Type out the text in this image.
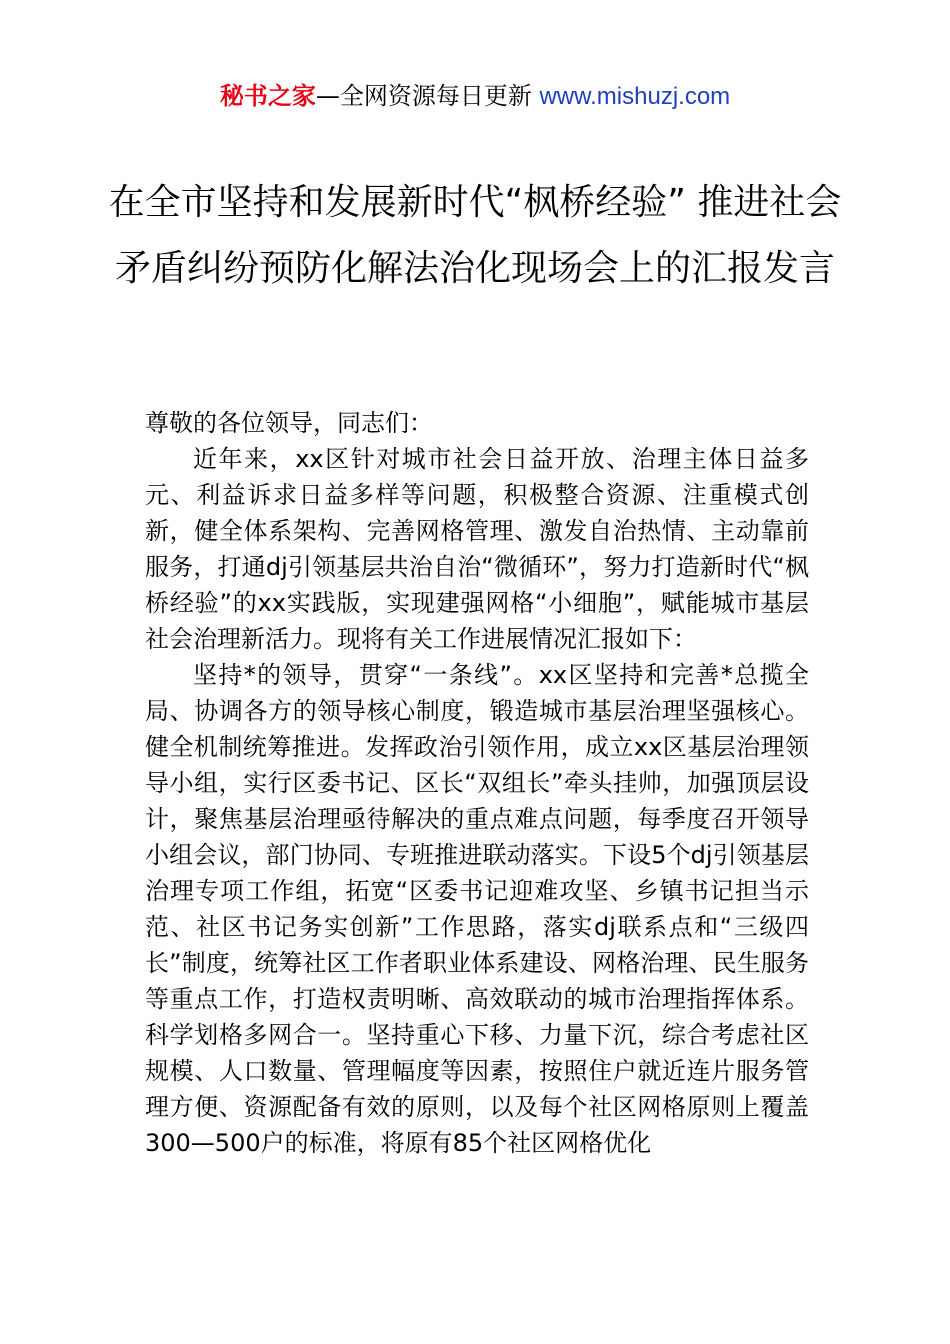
秘书之家—全网资源每日更新 www.mishuzj.com
在全市坚持和发展新时代“枫桥经验” 推进社会矛盾纠纷预防化解法治化现场会上的汇报发言

尊敬的各位领导，同志们：

近年来，xx区针对城市社会日益开放、治理主体日益多元、利益诉求日益多样等问题，积极整合资源、注重模式创新，健全体系架构、完善网格管理、激发自治热情、主动靠前服务，打通dj引领基层共治自治“微循环”，努力打造新时代“枫桥经验”的xx实践版，实现建强网格“小细胞”，赋能城市基层社会治理新活力。现将有关工作进展情况汇报如下：

坚持*的领导，贯穿“一条线”。xx区坚持和完善*总揽全局、协调各方的领导核心制度，锻造城市基层治理坚强核心。健全机制统筹推进。发挥政治引领作用，成立xx区基层治理领导小组，实行区委书记、区长“双组长”牵头挂帅，加强顶层设计，聚焦基层治理亟待解决的重点难点问题，每季度召开领导小组会议，部门协同、专班推进联动落实。下设5个dj引领基层治理专项工作组，拓宽“区委书记迎难攻坚、乡镇书记担当示范、社区书记务实创新”工作思路，落实dj联系点和“三级四长”制度，统筹社区工作者职业体系建设、网格治理、民生服务等重点工作，打造权责明晰、高效联动的城市治理指挥体系。科学划格多网合一。坚持重心下移、力量下沉，综合考虑社区规模、人口数量、管理幅度等因素，按照住户就近连片服务管理方便、资源配备有效的原则，以及每个社区网格原则上覆盖300—500户的标准，将原有85个社区网格优化
